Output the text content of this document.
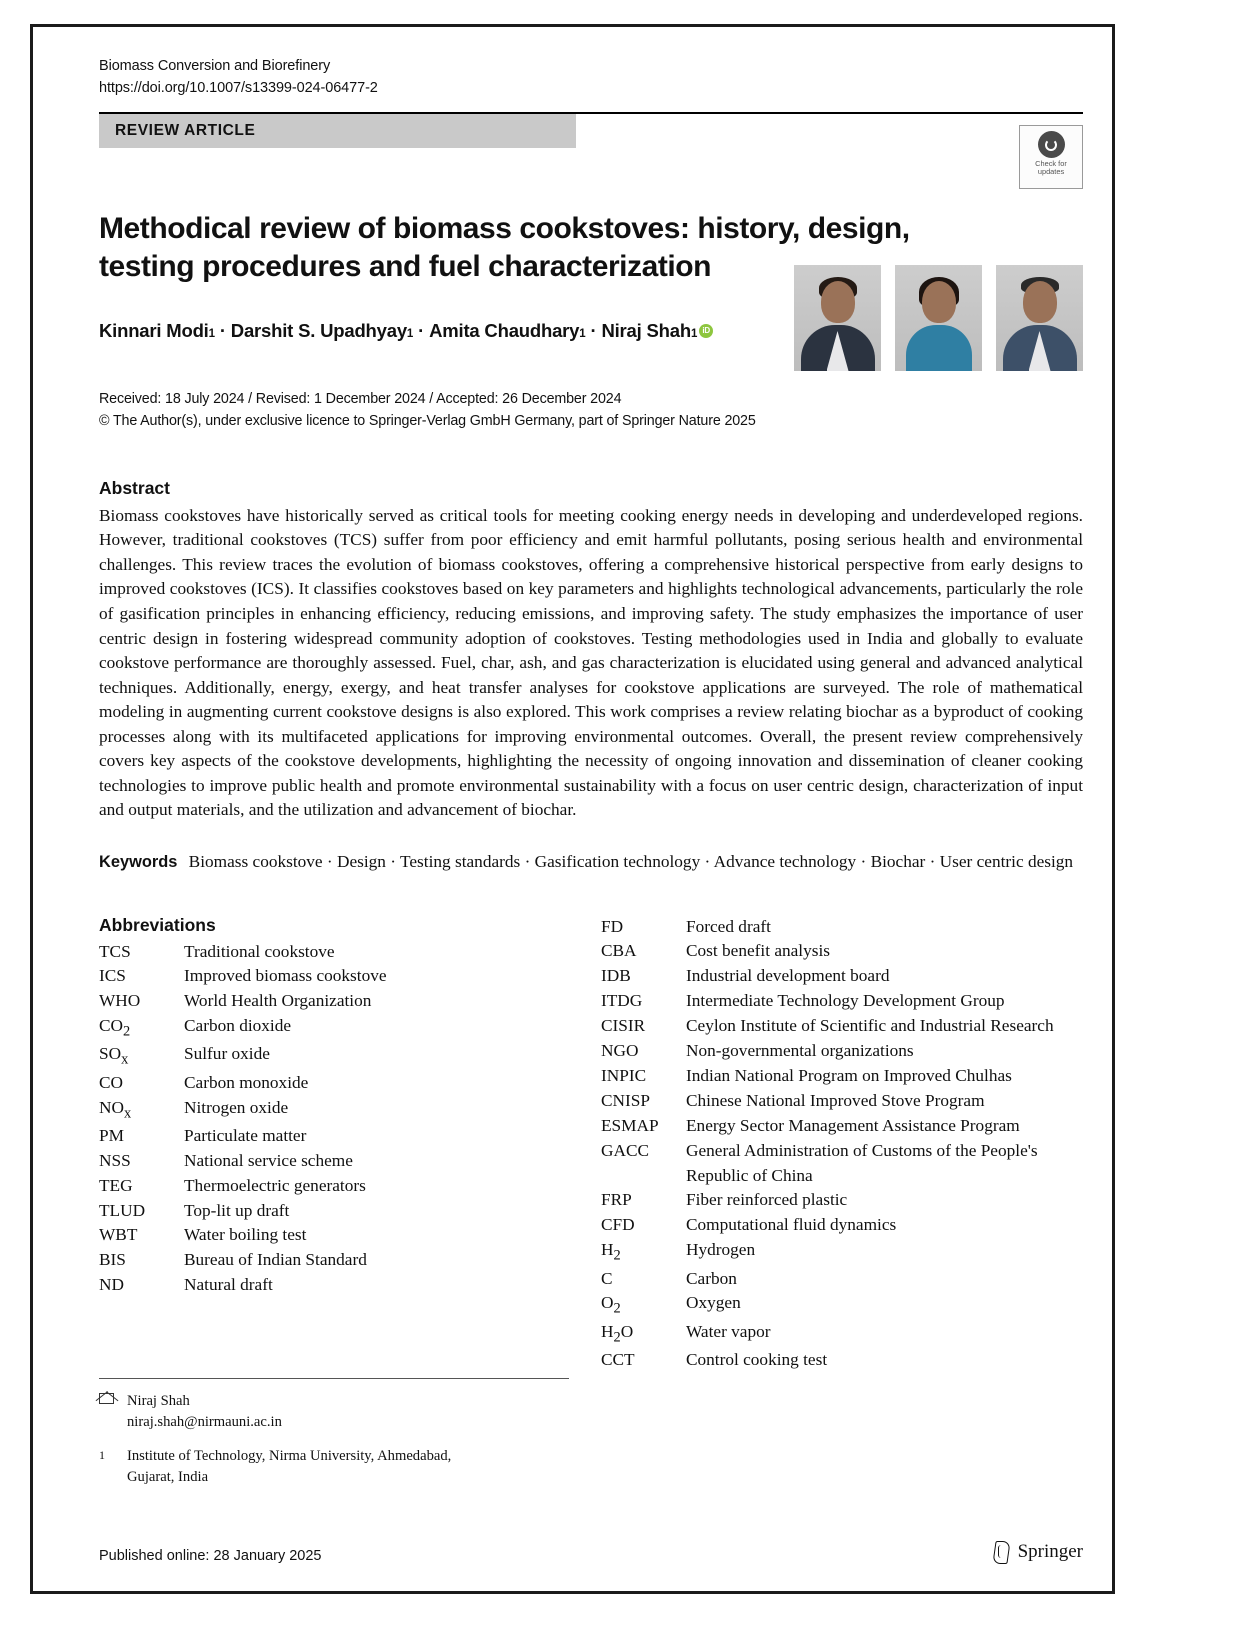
Biomass Conversion and Biorefinery
https://doi.org/10.1007/s13399-024-06477-2
REVIEW ARTICLE
Check for
updates
Methodical review of biomass cookstoves: history, design, testing procedures and fuel characterization
Kinnari Modi 1 · Darshit S. Upadhyay 1 · Amita Chaudhary 1 · Niraj Shah 1
iD
Received: 18 July 2024 / Revised: 1 December 2024 / Accepted: 26 December 2024
© The Author(s), under exclusive licence to Springer-Verlag GmbH Germany, part of Springer Nature 2025
Abstract
Biomass cookstoves have historically served as critical tools for meeting cooking energy needs in developing and underdeveloped regions. However, traditional cookstoves (TCS) suffer from poor efficiency and emit harmful pollutants, posing serious health and environmental challenges. This review traces the evolution of biomass cookstoves, offering a comprehensive historical perspective from early designs to improved cookstoves (ICS). It classifies cookstoves based on key parameters and highlights technological advancements, particularly the role of gasification principles in enhancing efficiency, reducing emissions, and improving safety. The study emphasizes the importance of user centric design in fostering widespread community adoption of cookstoves. Testing methodologies used in India and globally to evaluate cookstove performance are thoroughly assessed. Fuel, char, ash, and gas characterization is elucidated using general and advanced analytical techniques. Additionally, energy, exergy, and heat transfer analyses for cookstove applications are surveyed. The role of mathematical modeling in augmenting current cookstove designs is also explored. This work comprises a review relating biochar as a byproduct of cooking processes along with its multifaceted applications for improving environmental outcomes. Overall, the present review comprehensively covers key aspects of the cookstove developments, highlighting the necessity of ongoing innovation and dissemination of cleaner cooking technologies to improve public health and promote environmental sustainability with a focus on user centric design, characterization of input and output materials, and the utilization and advancement of biochar.
Keywords Biomass cookstove · Design · Testing standards · Gasification technology · Advance technology · Biochar · User centric design
Abbreviations
TCS	Traditional cookstove
ICS	Improved biomass cookstove
WHO	World Health Organization
$CO_2$	Carbon dioxide
$SO_x$	Sulfur oxide
CO	Carbon monoxide
$NO_x$	Nitrogen oxide
PM	Particulate matter
NSS	National service scheme
TEG	Thermoelectric generators
TLUD	Top-lit up draft
WBT	Water boiling test
BIS	Bureau of Indian Standard
ND	Natural draft
FD	Forced draft
CBA	Cost benefit analysis
IDB	Industrial development board
ITDG	Intermediate Technology Development Group
CISIR	Ceylon Institute of Scientific and Industrial Research
NGO	Non-governmental organizations
INPIC	Indian National Program on Improved Chulhas
CNISP	Chinese National Improved Stove Program
ESMAP	Energy Sector Management Assistance Program
GACC	General Administration of Customs of the People's Republic of China
FRP	Fiber reinforced plastic
CFD	Computational fluid dynamics
$H_2$	Hydrogen
C	Carbon
$O_2$	Oxygen
$H_2O$	Water vapor
CCT	Control cooking test
Niraj Shah
niraj.shah@nirmauni.ac.in
1	Institute of Technology, Nirma University, Ahmedabad,
Gujarat, India
Published online: 28 January 2025	Springer
